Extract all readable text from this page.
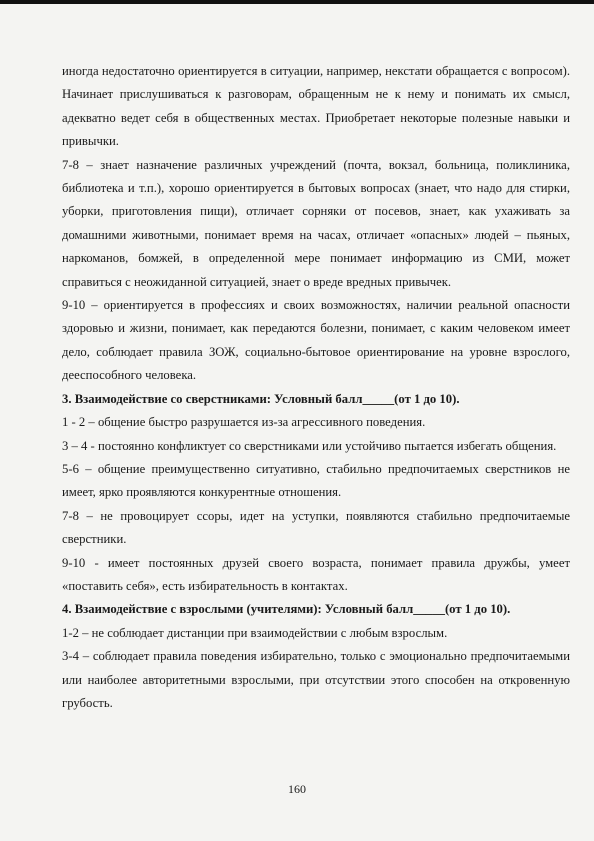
иногда недостаточно ориентируется в ситуации, например, некстати обращается с вопросом). Начинает прислушиваться к разговорам, обращенным не к нему и понимать их смысл, адекватно ведет себя в общественных местах. Приобретает некоторые полезные навыки и привычки.

7-8 – знает назначение различных учреждений (почта, вокзал, больница, поликлиника, библиотека и т.п.), хорошо ориентируется в бытовых вопросах (знает, что надо для стирки, уборки, приготовления пищи), отличает сорняки от посевов, знает, как ухаживать за домашними животными, понимает время на часах, отличает «опасных» людей – пьяных, наркоманов, бомжей, в определенной мере понимает информацию из СМИ, может справиться с неожиданной ситуацией, знает о вреде вредных привычек.

9-10 – ориентируется в профессиях и своих возможностях, наличии реальной опасности здоровью и жизни, понимает, как передаются болезни, понимает, с каким человеком имеет дело, соблюдает правила ЗОЖ, социально-бытовое ориентирование на уровне взрослого, дееспособного человека.

3. Взаимодействие со сверстниками: Условный балл_____(от 1 до 10).

1 - 2 – общение быстро разрушается из-за агрессивного поведения.

3 – 4 - постоянно конфликтует со сверстниками или устойчиво пытается избегать общения.

5-6 – общение преимущественно ситуативно, стабильно предпочитаемых сверстников не имеет, ярко проявляются конкурентные отношения.

7-8 – не провоцирует ссоры, идет на уступки, появляются стабильно предпочитаемые сверстники.

9-10 - имеет постоянных друзей своего возраста, понимает правила дружбы, умеет «поставить себя», есть избирательность в контактах.

4. Взаимодействие с взрослыми (учителями): Условный балл_____(от 1 до 10).

1-2 – не соблюдает дистанции при взаимодействии с любым взрослым.

3-4 – соблюдает правила поведения избирательно, только с эмоционально предпочитаемыми или наиболее авторитетными взрослыми, при отсутствии этого способен на откровенную грубость.

160
